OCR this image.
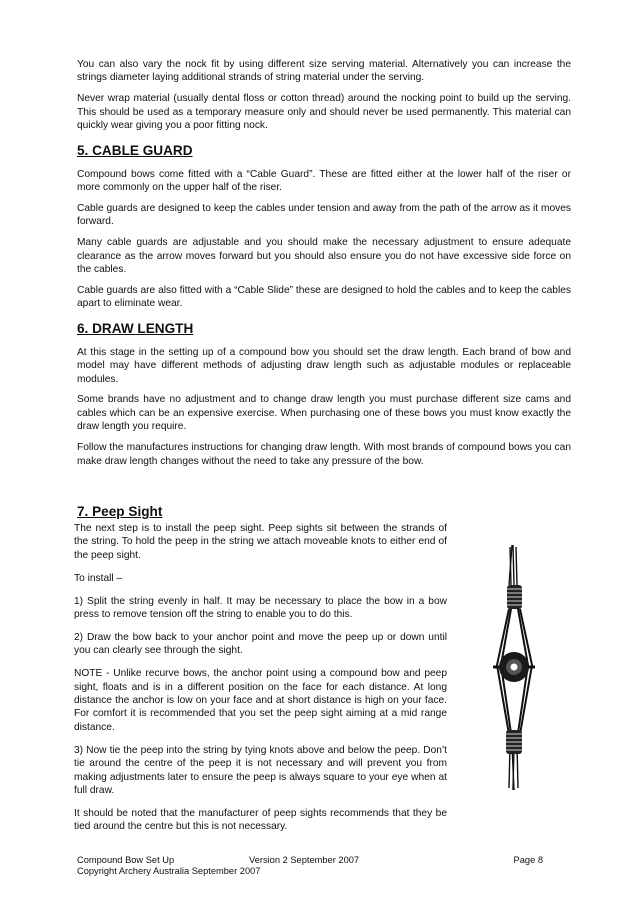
You can also vary the nock fit by using different size serving material. Alternatively you can increase the strings diameter laying additional strands of string material under the serving.

Never wrap material (usually dental floss or cotton thread) around the nocking point to build up the serving. This should be used as a temporary measure only and should never be used permanently. This material can quickly wear giving you a poor fitting nock.

5. CABLE GUARD

Compound bows come fitted with a “Cable Guard”. These are fitted either at the lower half of the riser or more commonly on the upper half of the riser.

Cable guards are designed to keep the cables under tension and away from the path of the arrow as it moves forward.

Many cable guards are adjustable and you should make the necessary adjustment to ensure adequate clearance as the arrow moves forward but you should also ensure you do not have excessive side force on the cables.

Cable guards are also fitted with a “Cable Slide” these are designed to hold the cables and to keep the cables apart to eliminate wear.

6. DRAW LENGTH

At this stage in the setting up of a compound bow you should set the draw length. Each brand of bow and model may have different methods of adjusting draw length such as adjustable modules or replaceable modules.

Some brands have no adjustment and to change draw length you must purchase different size cams and cables which can be an expensive exercise. When purchasing one of these bows you must know exactly the draw length you require.

Follow the manufactures instructions for changing draw length. With most brands of compound bows you can make draw length changes without the need to take any pressure of the bow.

7. Peep Sight

The next step is to install the peep sight. Peep sights sit between the strands of the string. To hold the peep in the string we attach moveable knots to either end of the peep sight.

To install –

1) Split the string evenly in half. It may be necessary to place the bow in a bow press to remove tension off the string to enable you to do this.

2) Draw the bow back to your anchor point and move the peep up or down until you can clearly see through the sight.

NOTE - Unlike recurve bows, the anchor point using a compound bow and peep sight, floats and is in a different position on the face for each distance. At long distance the anchor is low on your face and at short distance is high on your face. For comfort it is recommended that you set the peep sight aiming at a mid range distance.

3) Now tie the peep into the string by tying knots above and below the peep. Don’t tie around the centre of the peep it is not necessary and will prevent you from making adjustments later to ensure the peep is always square to your eye when at full draw.

It should be noted that the manufacturer of peep sights recommends that they be tied around the centre but this is not necessary.

Compound Bow Set Up	Version 2 September 2007	Page 8
Copyright Archery Australia September 2007
